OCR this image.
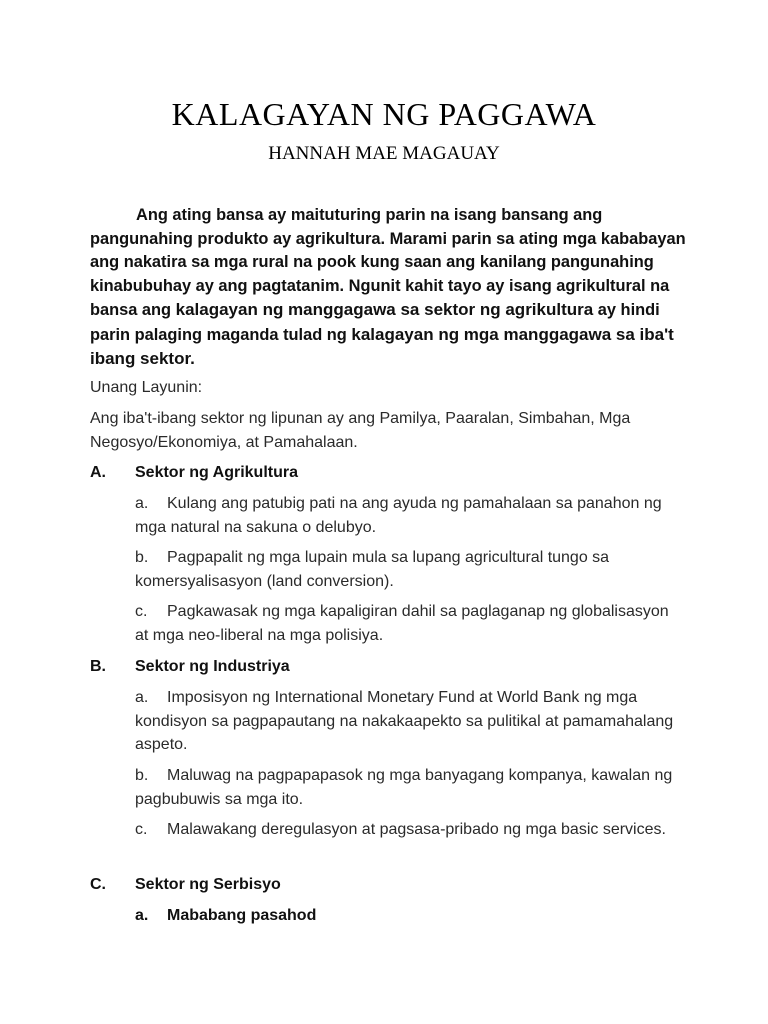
KALAGAYAN NG PAGGAWA
HANNAH MAE MAGAUAY
Ang ating bansa ay maituturing parin na isang bansang ang pangunahing produkto ay agrikultura. Marami parin sa ating mga kababayan ang nakatira sa mga rural na pook kung saan ang kanilang pangunahing kinabubuhay ay ang pagtatanim. Ngunit kahit tayo ay isang agrikultural na bansa ang kalagayan ng manggagawa sa sektor ng agrikultura ay hindi parin palaging maganda tulad ng kalagayan ng mga manggagawa sa iba't ibang sektor.
Unang Layunin:
Ang iba't-ibang sektor ng lipunan ay ang Pamilya, Paaralan, Simbahan, Mga Negosyo/Ekonomiya, at Pamahalaan.
A. Sektor ng Agrikultura
a. Kulang ang patubig pati na ang ayuda ng pamahalaan sa panahon ng mga natural na sakuna o delubyo.
b. Pagpapalit ng mga lupain mula sa lupang agricultural tungo sa komersyalisasyon (land conversion).
c. Pagkawasak ng mga kapaligiran dahil sa paglaganap ng globalisasyon at mga neo-liberal na mga polisiya.
B. Sektor ng Industriya
a. Imposisyon ng International Monetary Fund at World Bank ng mga kondisyon sa pagpapautang na nakakaapekto sa pulitikal at pamamahalang aspeto.
b. Maluwag na pagpapapasok ng mga banyagang kompanya, kawalan ng pagbubuwis sa mga ito.
c. Malawakang deregulasyon at pagsasa-pribado ng mga basic services.
C. Sektor ng Serbisyo
a. Mababang pasahod
